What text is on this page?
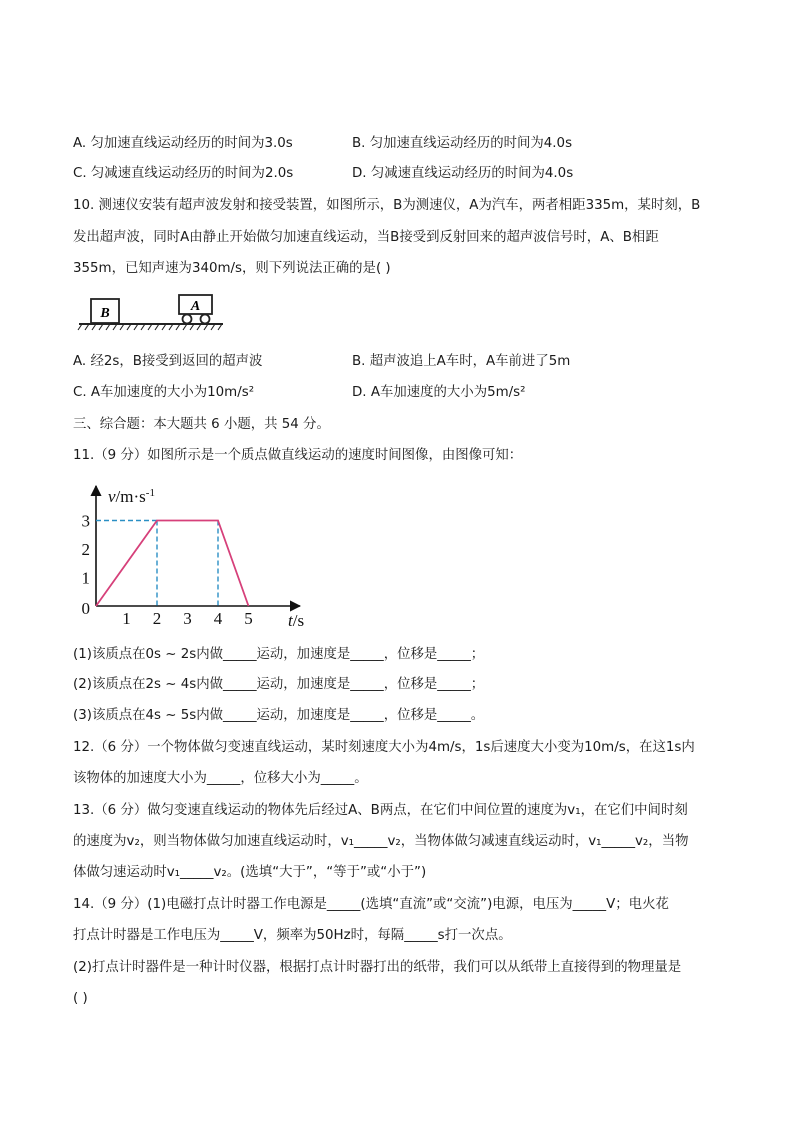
A. 匀加速直线运动经历的时间为3.0s	B. 匀加速直线运动经历的时间为4.0s
C. 匀减速直线运动经历的时间为2.0s	D. 匀减速直线运动经历的时间为4.0s
10. 测速仪安装有超声波发射和接受装置，如图所示，B为测速仪，A为汽车，两者相距335m，某时刻，B
发出超声波，同时A由静止开始做匀加速直线运动，当B接受到反射回来的超声波信号时，A、B相距
355m，已知声速为340m/s，则下列说法正确的是( )
B	A
A. 经2s，B接受到返回的超声波	B. 超声波追上A车时，A车前进了5m
C. A车加速度的大小为10m/s²	D. A车加速度的大小为5m/s²
三、综合题：本大题共 6 小题，共 54 分。
11.（9 分）如图所示是一个质点做直线运动的速度时间图像，由图像可知：
1 2 3 4 5
1
2
3
0
$v/m\cdot s^{-1}$
t/s
(1)该质点在0s ~ 2s内做_____运动，加速度是_____，位移是_____；
(2)该质点在2s ~ 4s内做_____运动，加速度是_____，位移是_____；
(3)该质点在4s ~ 5s内做_____运动，加速度是_____，位移是_____。
12.（6 分）一个物体做匀变速直线运动，某时刻速度大小为4m/s，1s后速度大小变为10m/s，在这1s内
该物体的加速度大小为_____，位移大小为_____。
13.（6 分）做匀变速直线运动的物体先后经过A、B两点，在它们中间位置的速度为v₁，在它们中间时刻
的速度为v₂，则当物体做匀加速直线运动时，v₁_____v₂，当物体做匀减速直线运动时，v₁_____v₂，当物
体做匀速运动时v₁_____v₂。(选填“大于”，“等于”或“小于”)
14.（9 分）(1)电磁打点计时器工作电源是_____(选填“直流”或“交流”)电源，电压为_____V；电火花
打点计时器是工作电压为_____V，频率为50Hz时，每隔_____s打一次点。
(2)打点计时器件是一种计时仪器，根据打点计时器打出的纸带，我们可以从纸带上直接得到的物理量是
( )
